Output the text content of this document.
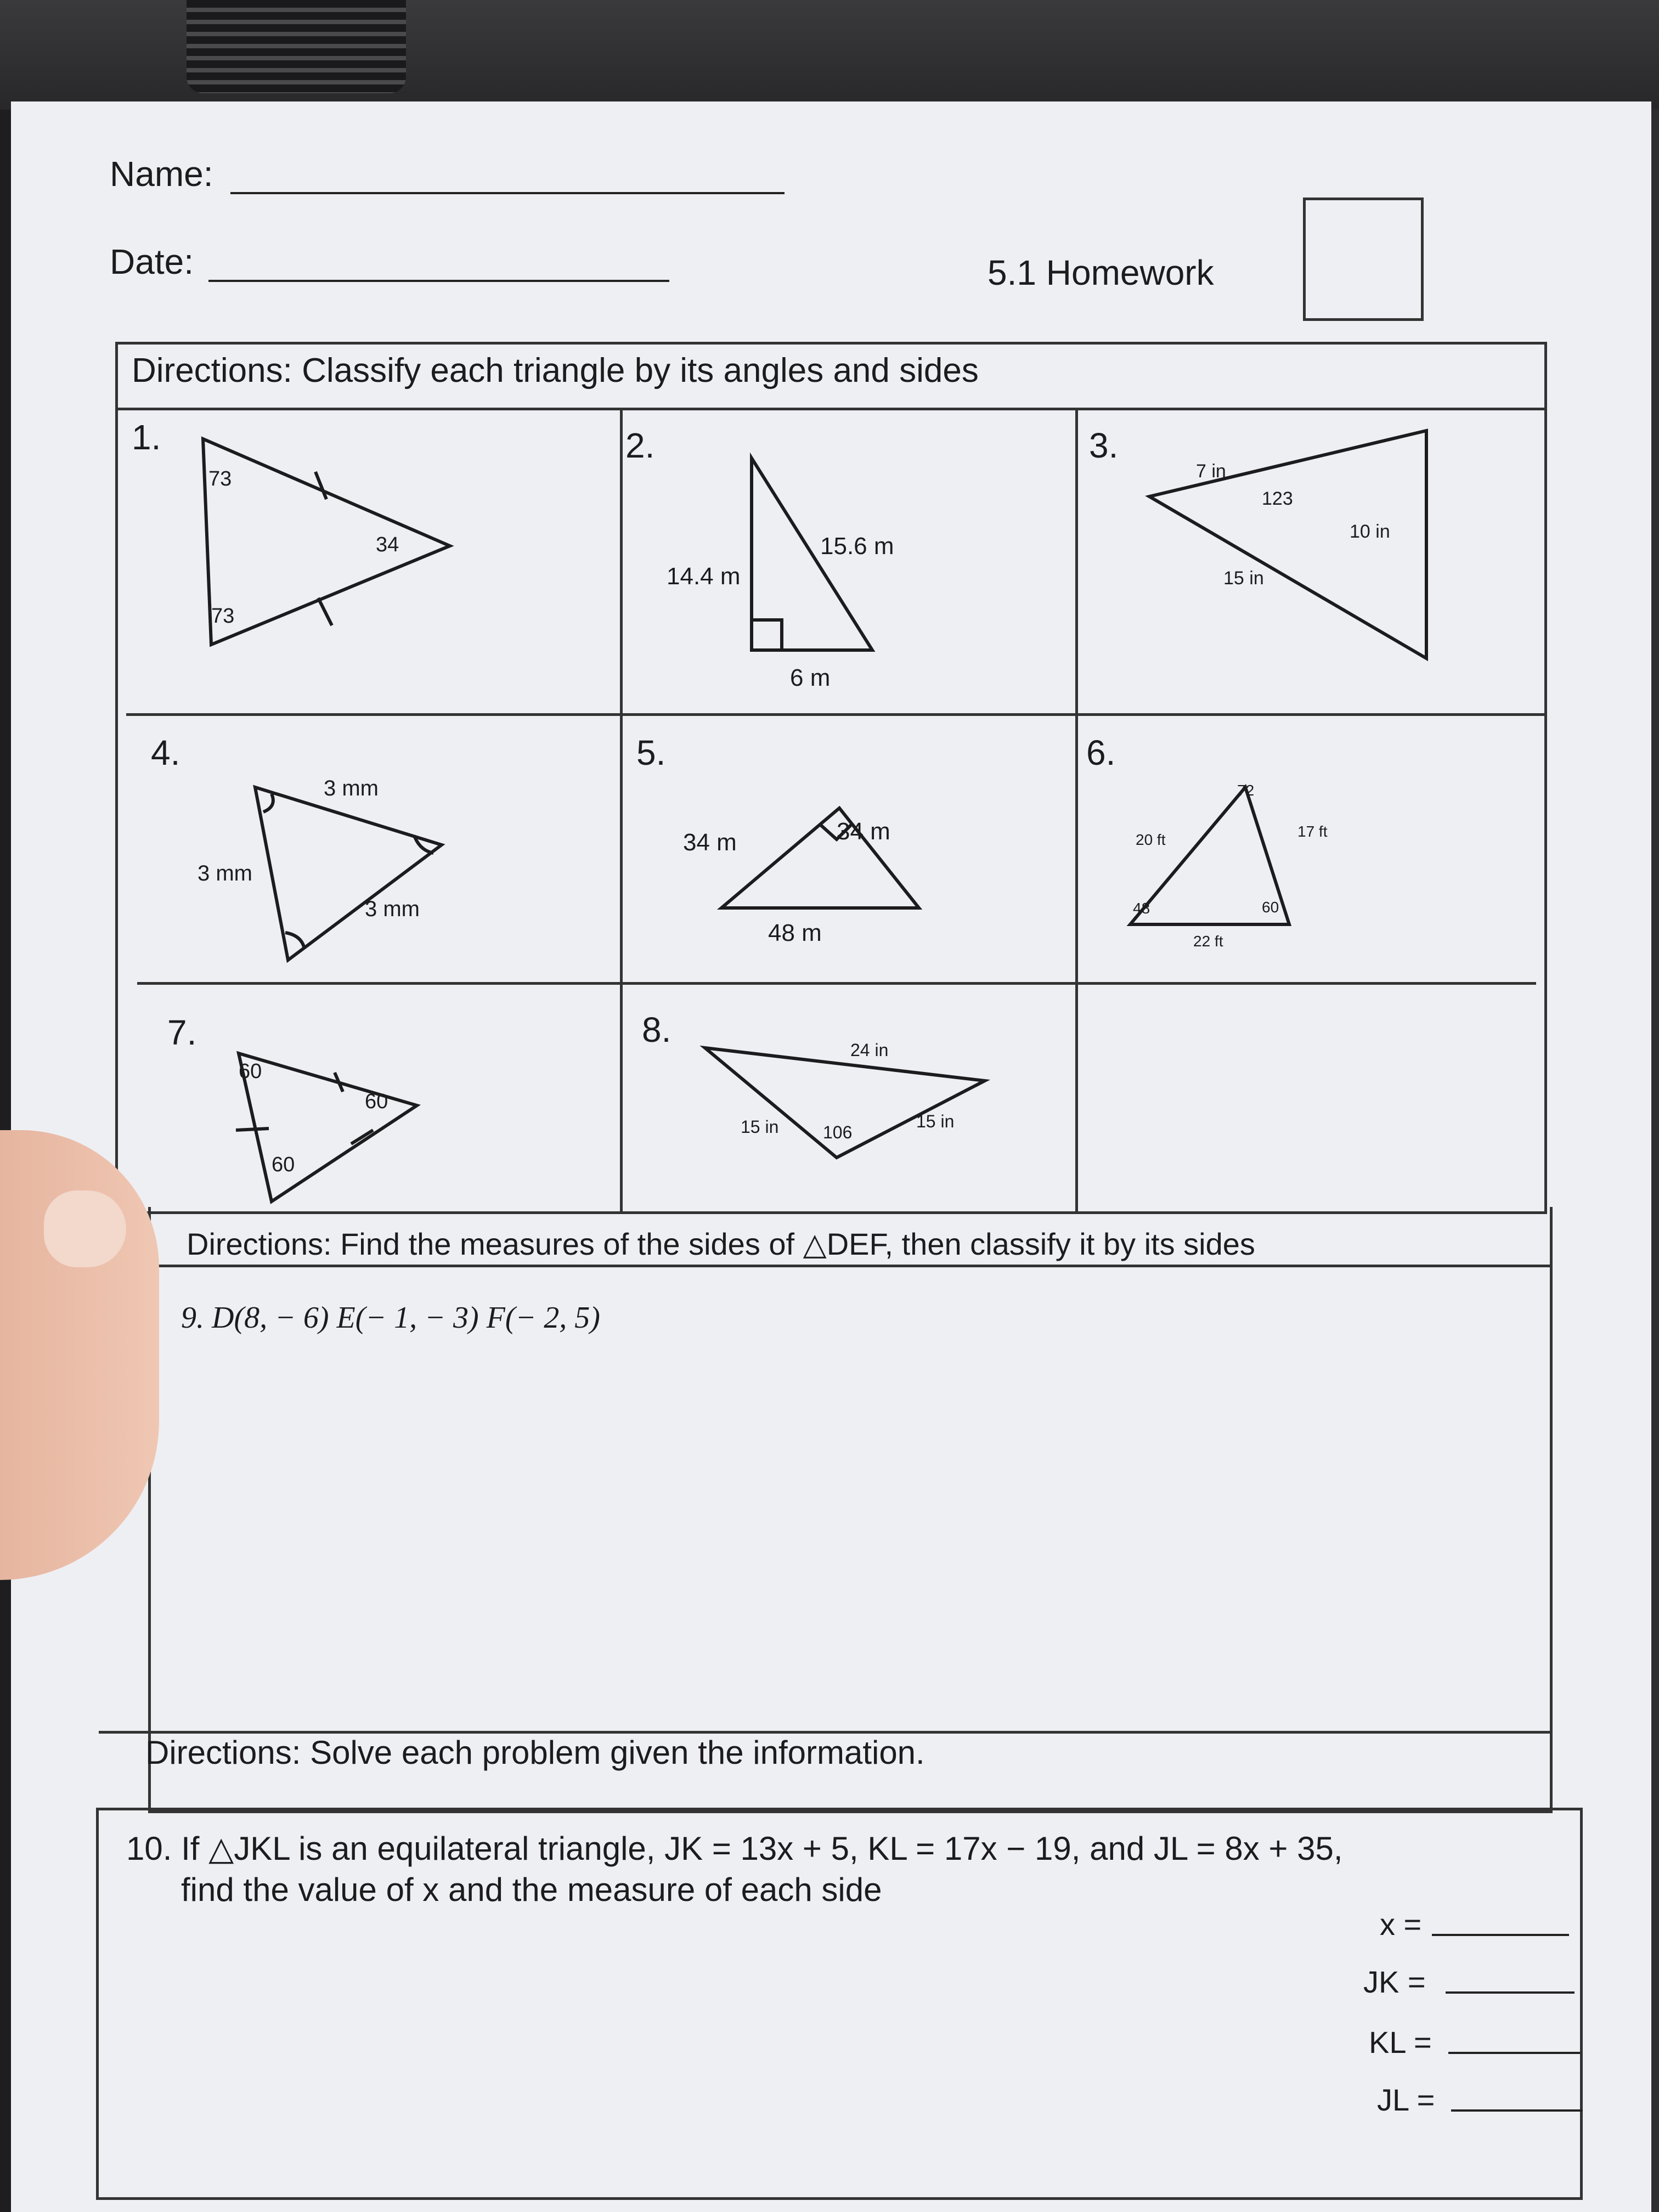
Name:
Date:	5.1 Homework
Directions: Classify each triangle by its angles and sides
1.	2.	3.
4.	5.	6.
7.	8.
73
34
73
14.4 m
15.6 m
6 m
7 in
123
10 in
15 in
3 mm
3 mm
3 mm
34 m	34 m
48 m
72
20 ft	17 ft
48	60
22 ft
60
60
60
24 in
15 in	106
15 in
Directions: Find the measures of the sides of △DEF, then classify it by its sides
9. D(8, − 6) E(− 1, − 3) F(− 2, 5)
Directions: Solve each problem given the information.
10. If △JKL is an equilateral triangle, JK = 13x + 5, KL = 17x − 19, and JL = 8x + 35,
find the value of x and the measure of each side
x =
JK =
KL =
JL =
